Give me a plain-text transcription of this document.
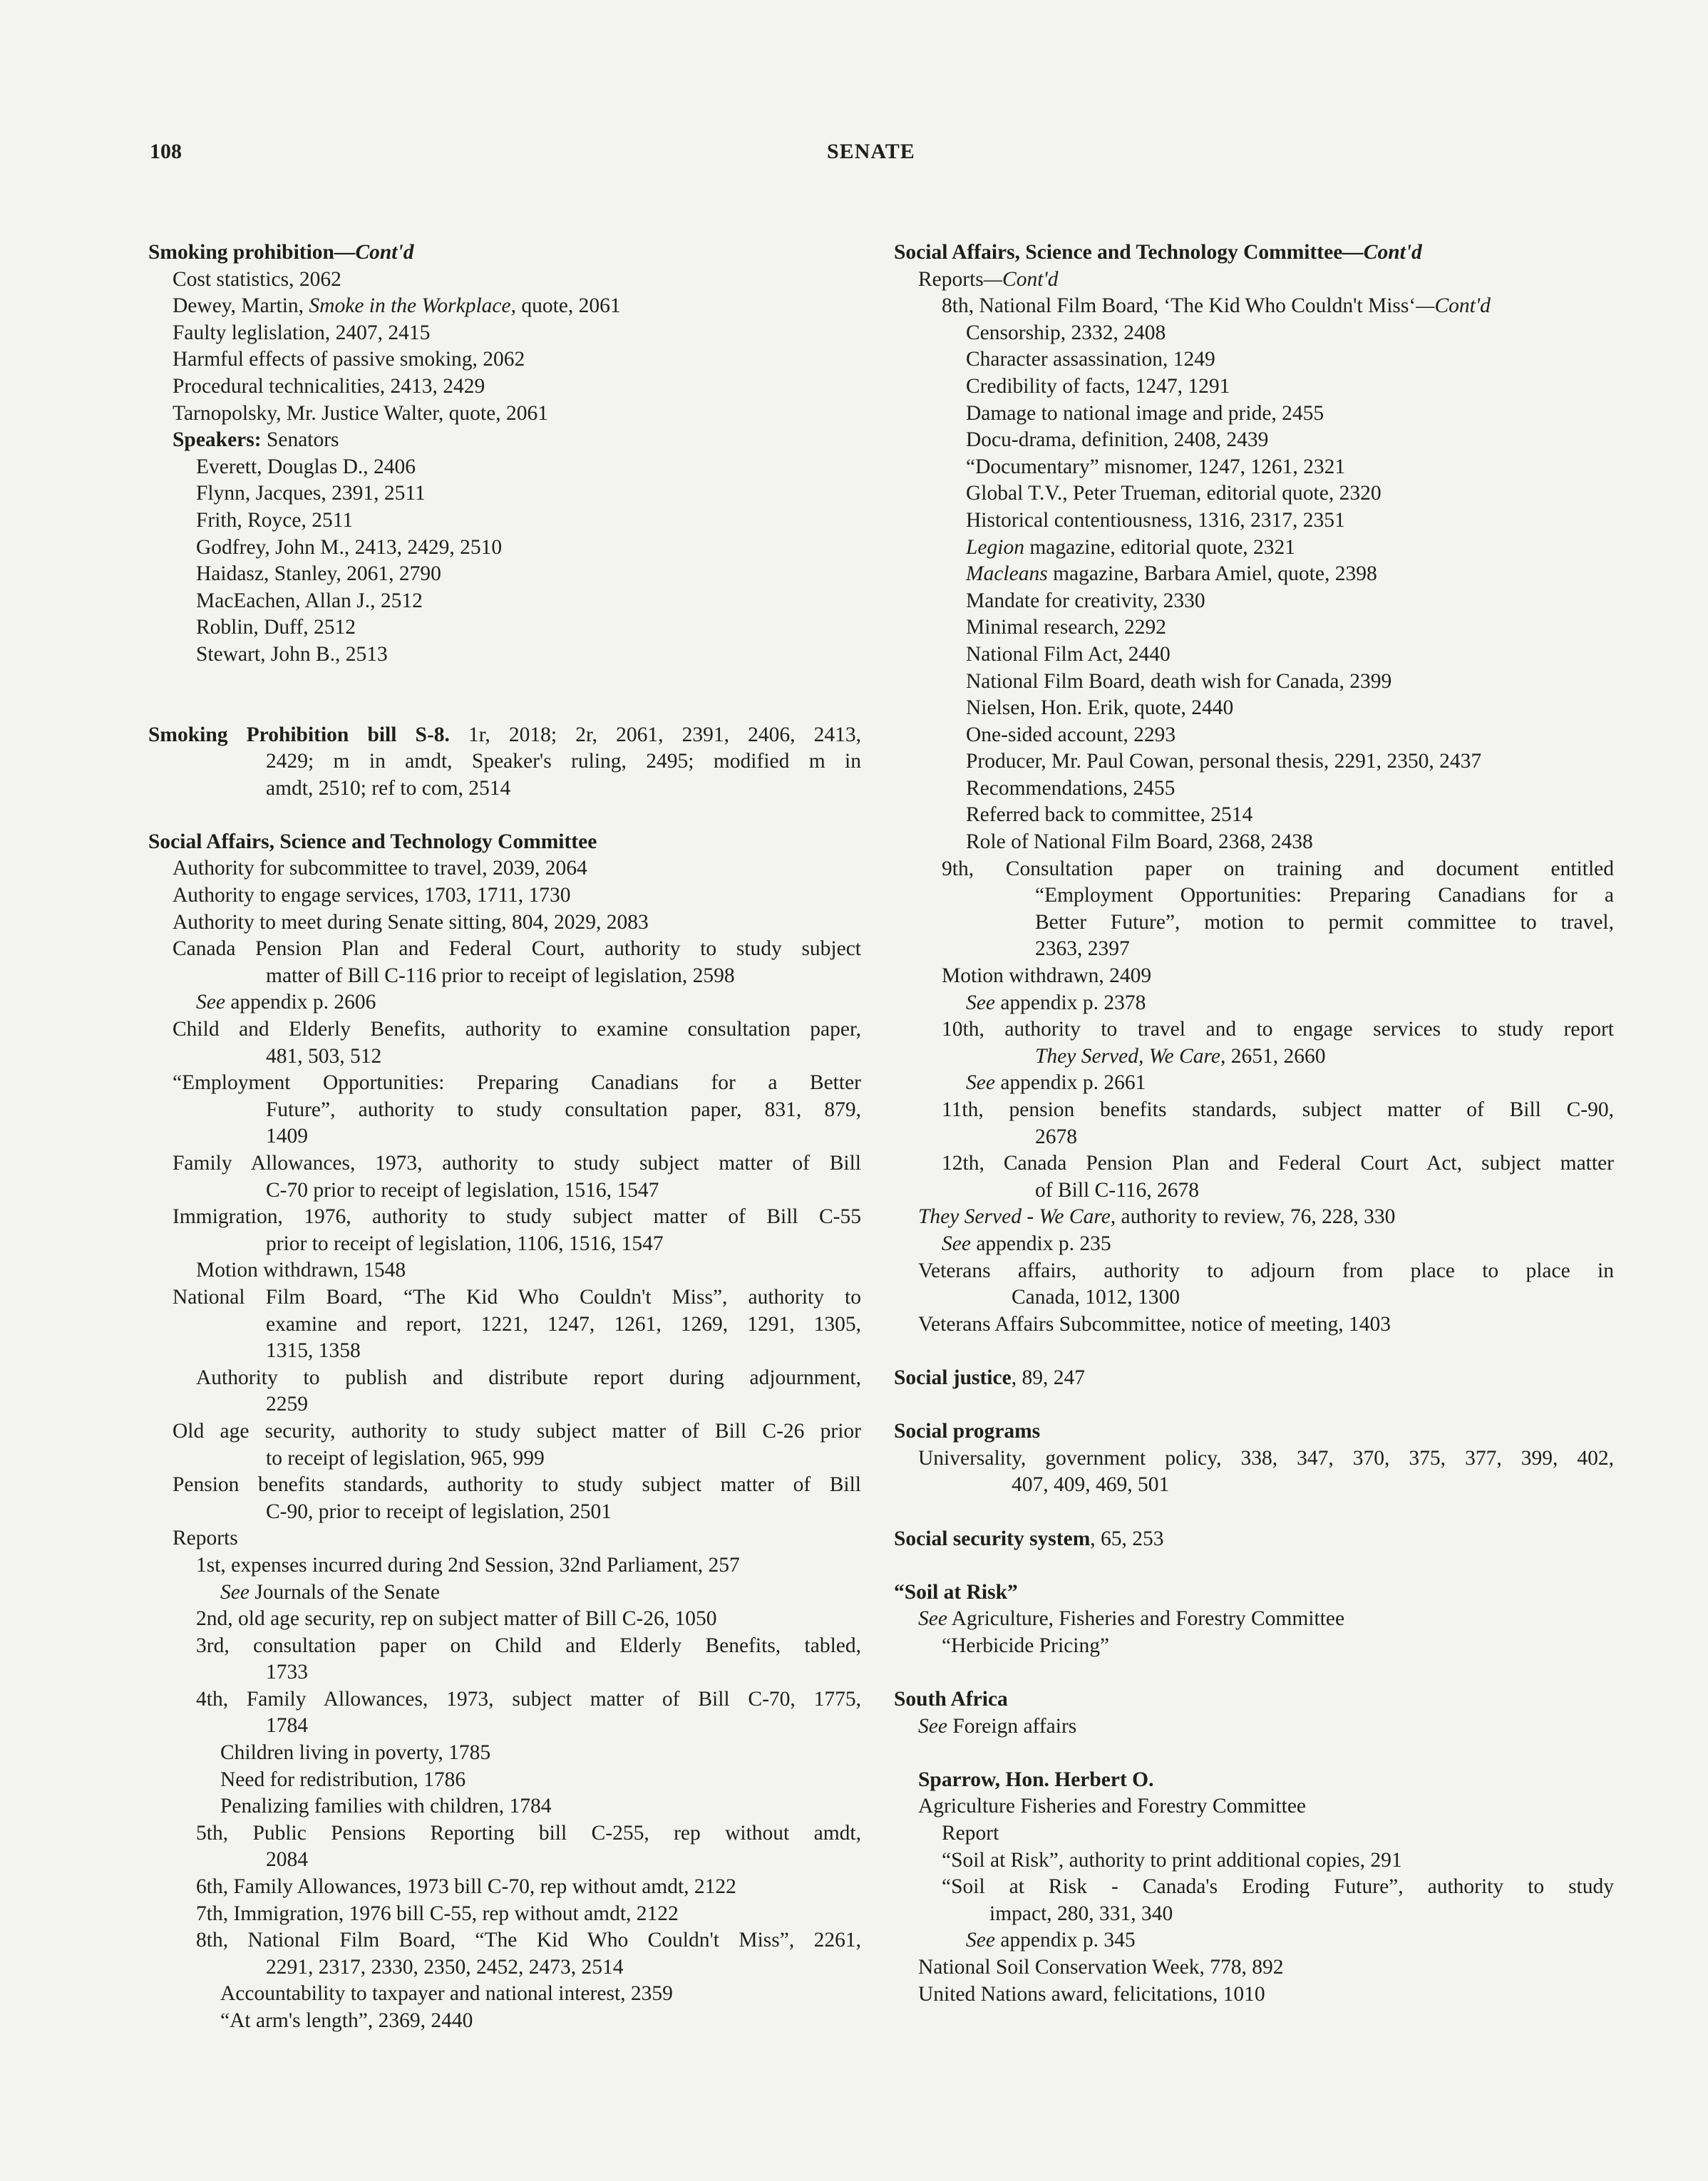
108	SENATE
Smoking prohibition—Cont'd
Cost statistics, 2062
Dewey, Martin, Smoke in the Workplace, quote, 2061
Faulty leglislation, 2407, 2415
Harmful effects of passive smoking, 2062
Procedural technicalities, 2413, 2429
Tarnopolsky, Mr. Justice Walter, quote, 2061
Speakers: Senators
Everett, Douglas D., 2406
Flynn, Jacques, 2391, 2511
Frith, Royce, 2511
Godfrey, John M., 2413, 2429, 2510
Haidasz, Stanley, 2061, 2790
MacEachen, Allan J., 2512
Roblin, Duff, 2512
Stewart, John B., 2513
Smoking Prohibition bill S-8. 1r, 2018; 2r, 2061, 2391, 2406, 2413,
2429; m in amdt, Speaker's ruling, 2495; modified m in
amdt, 2510; ref to com, 2514
Social Affairs, Science and Technology Committee
Authority for subcommittee to travel, 2039, 2064
Authority to engage services, 1703, 1711, 1730
Authority to meet during Senate sitting, 804, 2029, 2083
Canada Pension Plan and Federal Court, authority to study subject
matter of Bill C-116 prior to receipt of legislation, 2598
See appendix p. 2606
Child and Elderly Benefits, authority to examine consultation paper,
481, 503, 512
“Employment Opportunities: Preparing Canadians for a Better
Future”, authority to study consultation paper, 831, 879,
1409
Family Allowances, 1973, authority to study subject matter of Bill
C-70 prior to receipt of legislation, 1516, 1547
Immigration, 1976, authority to study subject matter of Bill C-55
prior to receipt of legislation, 1106, 1516, 1547
Motion withdrawn, 1548
National Film Board, “The Kid Who Couldn't Miss”, authority to
examine and report, 1221, 1247, 1261, 1269, 1291, 1305,
1315, 1358
Authority to publish and distribute report during adjournment,
2259
Old age security, authority to study subject matter of Bill C-26 prior
to receipt of legislation, 965, 999
Pension benefits standards, authority to study subject matter of Bill
C-90, prior to receipt of legislation, 2501
Reports
1st, expenses incurred during 2nd Session, 32nd Parliament, 257
See Journals of the Senate
2nd, old age security, rep on subject matter of Bill C-26, 1050
3rd, consultation paper on Child and Elderly Benefits, tabled,
1733
4th, Family Allowances, 1973, subject matter of Bill C-70, 1775,
1784
Children living in poverty, 1785
Need for redistribution, 1786
Penalizing families with children, 1784
5th, Public Pensions Reporting bill C-255, rep without amdt,
2084
6th, Family Allowances, 1973 bill C-70, rep without amdt, 2122
7th, Immigration, 1976 bill C-55, rep without amdt, 2122
8th, National Film Board, “The Kid Who Couldn't Miss”, 2261,
2291, 2317, 2330, 2350, 2452, 2473, 2514
Accountability to taxpayer and national interest, 2359
“At arm's length”, 2369, 2440
Social Affairs, Science and Technology Committee—Cont'd
Reports—Cont'd
8th, National Film Board, ‘The Kid Who Couldn't Miss‘—Cont'd
Censorship, 2332, 2408
Character assassination, 1249
Credibility of facts, 1247, 1291
Damage to national image and pride, 2455
Docu-drama, definition, 2408, 2439
“Documentary” misnomer, 1247, 1261, 2321
Global T.V., Peter Trueman, editorial quote, 2320
Historical contentiousness, 1316, 2317, 2351
Legion magazine, editorial quote, 2321
Macleans magazine, Barbara Amiel, quote, 2398
Mandate for creativity, 2330
Minimal research, 2292
National Film Act, 2440
National Film Board, death wish for Canada, 2399
Nielsen, Hon. Erik, quote, 2440
One-sided account, 2293
Producer, Mr. Paul Cowan, personal thesis, 2291, 2350, 2437
Recommendations, 2455
Referred back to committee, 2514
Role of National Film Board, 2368, 2438
9th, Consultation paper on training and document entitled
“Employment Opportunities: Preparing Canadians for a
Better Future”, motion to permit committee to travel,
2363, 2397
Motion withdrawn, 2409
See appendix p. 2378
10th, authority to travel and to engage services to study report
They Served, We Care, 2651, 2660
See appendix p. 2661
11th, pension benefits standards, subject matter of Bill C-90,
2678
12th, Canada Pension Plan and Federal Court Act, subject matter
of Bill C-116, 2678
They Served - We Care, authority to review, 76, 228, 330
See appendix p. 235
Veterans affairs, authority to adjourn from place to place in
Canada, 1012, 1300
Veterans Affairs Subcommittee, notice of meeting, 1403
Social justice, 89, 247
Social programs
Universality, government policy, 338, 347, 370, 375, 377, 399, 402,
407, 409, 469, 501
Social security system, 65, 253
“Soil at Risk”
See Agriculture, Fisheries and Forestry Committee
“Herbicide Pricing”
South Africa
See Foreign affairs
Sparrow, Hon. Herbert O.
Agriculture Fisheries and Forestry Committee
Report
“Soil at Risk”, authority to print additional copies, 291
“Soil at Risk - Canada's Eroding Future”, authority to study
impact, 280, 331, 340
See appendix p. 345
National Soil Conservation Week, 778, 892
United Nations award, felicitations, 1010
